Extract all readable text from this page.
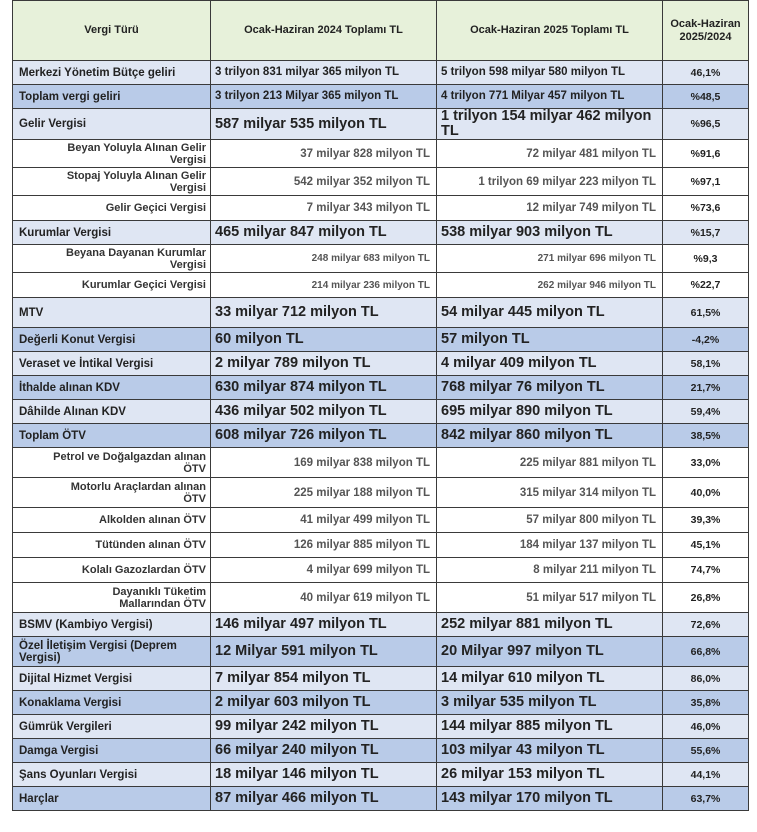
Vergi Türü	Ocak-Haziran 2024 Toplamı TL	Ocak-Haziran 2025 Toplamı TL	Ocak-Haziran 2025/2024
Merkezi Yönetim Bütçe geliri	3 trilyon 831 milyar 365 milyon TL	5 trilyon 598 milyar 580 milyon TL	46,1%
Toplam vergi geliri	3 trilyon 213 Milyar 365 milyon TL	4 trilyon 771 Milyar 457 milyon TL	%48,5
Gelir Vergisi	587 milyar 535 milyon TL	1 trilyon 154 milyar 462 milyon TL	%96,5
Beyan Yoluyla Alınan Gelir Vergisi	37 milyar 828 milyon TL	72 milyar 481 milyon TL	%91,6
Stopaj Yoluyla Alınan Gelir Vergisi	542 milyar 352 milyon TL	1 trilyon 69 milyar 223 milyon TL	%97,1
Gelir Geçici Vergisi	7 milyar 343 milyon TL	12 milyar 749 milyon TL	%73,6
Kurumlar Vergisi	465 milyar 847 milyon TL	538 milyar 903 milyon TL	%15,7
Beyana Dayanan Kurumlar Vergisi	248 milyar 683 milyon TL	271 milyar 696 milyon TL	%9,3
Kurumlar Geçici Vergisi	214 milyar 236 milyon TL	262 milyar 946 milyon TL	%22,7
MTV	33 milyar 712 milyon TL	54 milyar 445 milyon TL	61,5%
Değerli Konut Vergisi	60 milyon TL	57 milyon TL	-4,2%
Veraset ve İntikal Vergisi	2 milyar 789 milyon TL	4 milyar 409 milyon TL	58,1%
İthalde alınan KDV	630 milyar 874 milyon TL	768 milyar 76 milyon TL	21,7%
Dâhilde Alınan KDV	436 milyar 502 milyon TL	695 milyar 890 milyon TL	59,4%
Toplam ÖTV	608 milyar 726 milyon TL	842 milyar 860 milyon TL	38,5%
Petrol ve Doğalgazdan alınan ÖTV	169 milyar 838 milyon TL	225 milyar 881 milyon TL	33,0%
Motorlu Araçlardan alınan ÖTV	225 milyar 188 milyon TL	315 milyar 314 milyon TL	40,0%
Alkolden alınan ÖTV	41 milyar 499 milyon TL	57 milyar 800 milyon TL	39,3%
Tütünden alınan ÖTV	126 milyar 885 milyon TL	184 milyar 137 milyon TL	45,1%
Kolalı Gazozlardan ÖTV	4 milyar 699 milyon TL	8 milyar 211 milyon TL	74,7%
Dayanıklı Tüketim Mallarından ÖTV	40 milyar 619 milyon TL	51 milyar 517 milyon TL	26,8%
BSMV (Kambiyo Vergisi)	146 milyar 497 milyon TL	252 milyar 881 milyon TL	72,6%
Özel İletişim Vergisi (Deprem Vergisi)	12 Milyar 591 milyon TL	20 Milyar 997 milyon TL	66,8%
Dijital Hizmet Vergisi	7 milyar 854 milyon TL	14 milyar 610 milyon TL	86,0%
Konaklama Vergisi	2 milyar 603 milyon TL	3 milyar 535 milyon TL	35,8%
Gümrük Vergileri	99 milyar 242 milyon TL	144 milyar 885 milyon TL	46,0%
Damga Vergisi	66 milyar 240 milyon TL	103 milyar 43 milyon TL	55,6%
Şans Oyunları Vergisi	18 milyar 146 milyon TL	26 milyar 153 milyon TL	44,1%
Harçlar	87 milyar 466 milyon TL	143 milyar 170 milyon TL	63,7%
